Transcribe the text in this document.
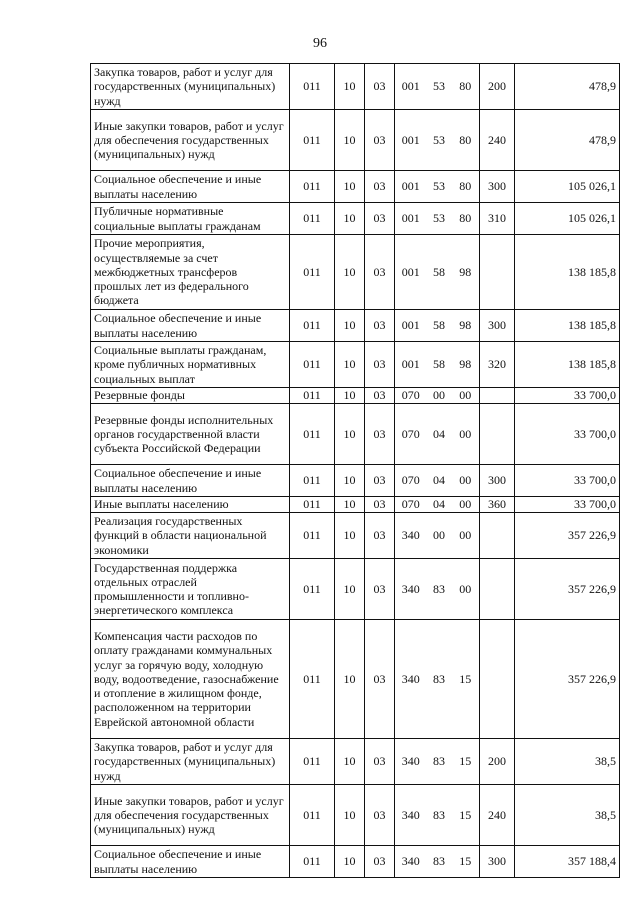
96
Закупка товаров, работ и услуг для государственных (муниципальных) нужд	011	10	03	001	53	80	200	478,9
Иные закупки товаров, работ и услуг для обеспечения государственных (муниципальных) нужд	011	10	03	001	53	80	240	478,9
Социальное обеспечение и иные выплаты населению	011	10	03	001	53	80	300	105 026,1
Публичные нормативные социальные выплаты гражданам	011	10	03	001	53	80	310	105 026,1
Прочие мероприятия, осуществляемые за счет межбюджетных трансферов прошлых лет из федерального бюджета	011	10	03	001	58	98		138 185,8
Социальное обеспечение и иные выплаты населению	011	10	03	001	58	98	300	138 185,8
Социальные выплаты гражданам, кроме публичных нормативных социальных выплат	011	10	03	001	58	98	320	138 185,8
Резервные фонды	011	10	03	070	00	00		33 700,0
Резервные фонды исполнительных органов государственной власти субъекта Российской Федерации	011	10	03	070	04	00		33 700,0
Социальное обеспечение и иные выплаты населению	011	10	03	070	04	00	300	33 700,0
Иные выплаты населению	011	10	03	070	04	00	360	33 700,0
Реализация государственных функций в области национальной экономики	011	10	03	340	00	00		357 226,9
Государственная поддержка отдельных отраслей промышленности и топливно-энергетического комплекса	011	10	03	340	83	00		357 226,9
Компенсация части расходов по оплату гражданами коммунальных услуг за горячую воду, холодную воду, водоотведение, газоснабжение и отопление в жилищном фонде, расположенном на территории Еврейской автономной области	011	10	03	340	83	15		357 226,9
Закупка товаров, работ и услуг для государственных (муниципальных) нужд	011	10	03	340	83	15	200	38,5
Иные закупки товаров, работ и услуг для обеспечения государственных (муниципальных) нужд	011	10	03	340	83	15	240	38,5
Социальное обеспечение и иные выплаты населению	011	10	03	340	83	15	300	357 188,4
